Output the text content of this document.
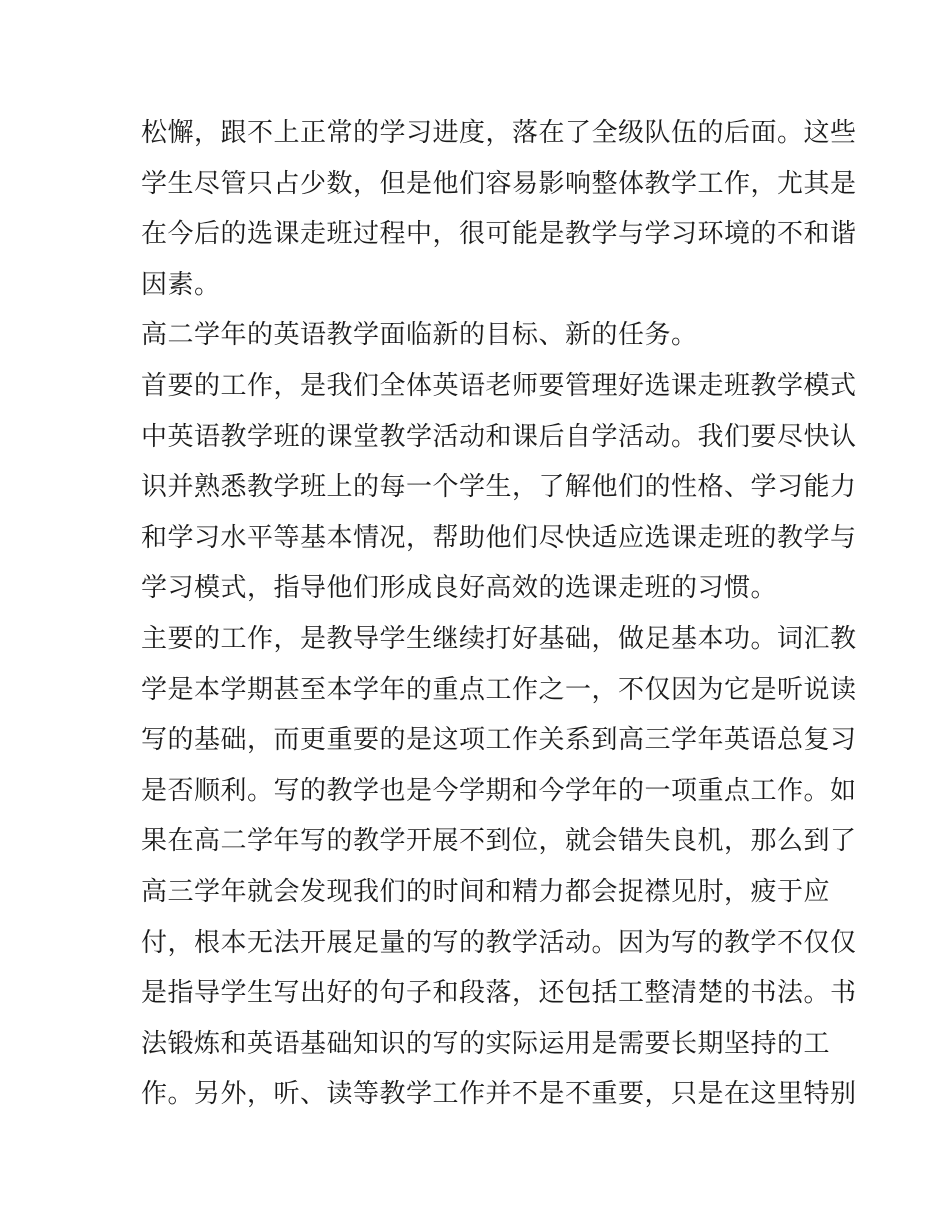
松懈，跟不上正常的学习进度，落在了全级队伍的后面。这些
学生尽管只占少数，但是他们容易影响整体教学工作，尤其是
在今后的选课走班过程中，很可能是教学与学习环境的不和谐
因素。
高二学年的英语教学面临新的目标、新的任务。
首要的工作，是我们全体英语老师要管理好选课走班教学模式
中英语教学班的课堂教学活动和课后自学活动。我们要尽快认
识并熟悉教学班上的每一个学生，了解他们的性格、学习能力
和学习水平等基本情况，帮助他们尽快适应选课走班的教学与
学习模式，指导他们形成良好高效的选课走班的习惯。
主要的工作，是教导学生继续打好基础，做足基本功。词汇教
学是本学期甚至本学年的重点工作之一，不仅因为它是听说读
写的基础，而更重要的是这项工作关系到高三学年英语总复习
是否顺利。写的教学也是今学期和今学年的一项重点工作。如
果在高二学年写的教学开展不到位，就会错失良机，那么到了
高三学年就会发现我们的时间和精力都会捉襟见肘，疲于应
付，根本无法开展足量的写的教学活动。因为写的教学不仅仅
是指导学生写出好的句子和段落，还包括工整清楚的书法。书
法锻炼和英语基础知识的写的实际运用是需要长期坚持的工
作。另外，听、读等教学工作并不是不重要，只是在这里特别
